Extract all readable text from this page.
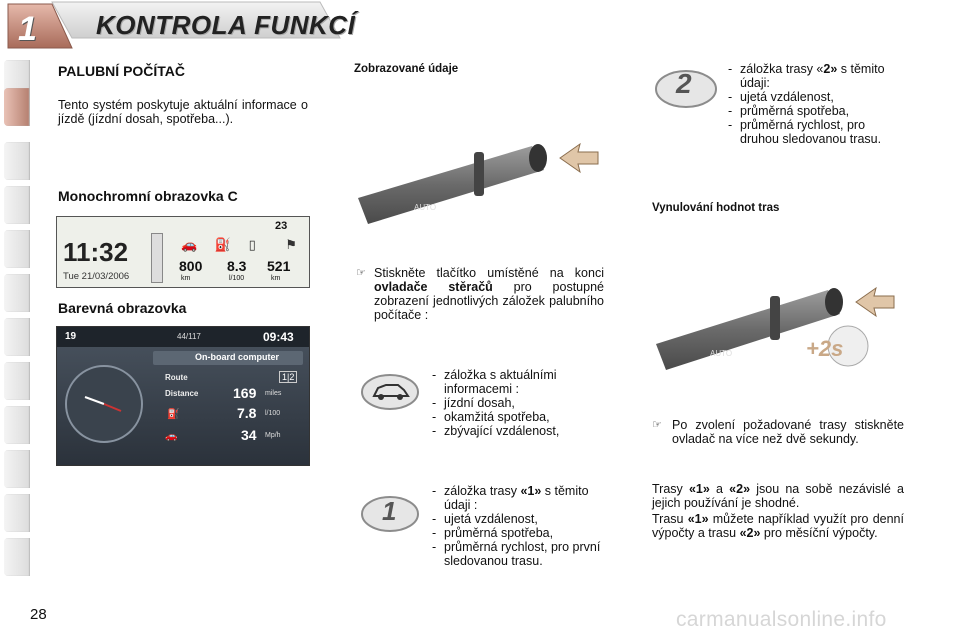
1 KONTROLA FUNKCÍ
PALUBNÍ POČÍTAČ

Tento systém poskytuje aktuální informace o jízdě (jízdní dosah, spotřeba...).

Monochromní obrazovka C
11:32
Tue 21/03/2006
23
🚗 ⛽ ▯ ⚑
800 8.3 521
km	l/100	km
Barevná obrazovka
19	44/117	09:43
On-board computer
Route	1|2
Distance 169 miles
⛽	7.8 l/100
🚗	34 Mp/h
Zobrazované údaje
AUTO
☞ Stiskněte tlačítko umístěné na konci ovladače stěračů pro postupné zobrazení jednotlivých záložek palubního počítače :

- záložka s aktuálními informacemi :
- jízdní dosah,
- okamžitá spotřeba,
- zbývající vzdálenost,
1
- záložka trasy «1» s těmito údaji :
- ujetá vzdálenost,
- průměrná spotřeba,
- průměrná rychlost, pro první sledovanou trasu.
2
-	záložka trasy «2» s těmito údaji:
- ujetá vzdálenost,
- průměrná spotřeba,
- průměrná rychlost, pro druhou sledovanou trasu.
Vynulování hodnot tras
AUTO	+2s
☞ Po zvolení požadované trasy stiskněte ovladač na více než dvě sekundy.

Trasy «1» a «2» jsou na sobě nezávislé a jejich používání je shodné.

Trasu «1» můžete například využít pro denní výpočty a trasu «2» pro měsíční výpočty.

28	carmanualsonline.info
